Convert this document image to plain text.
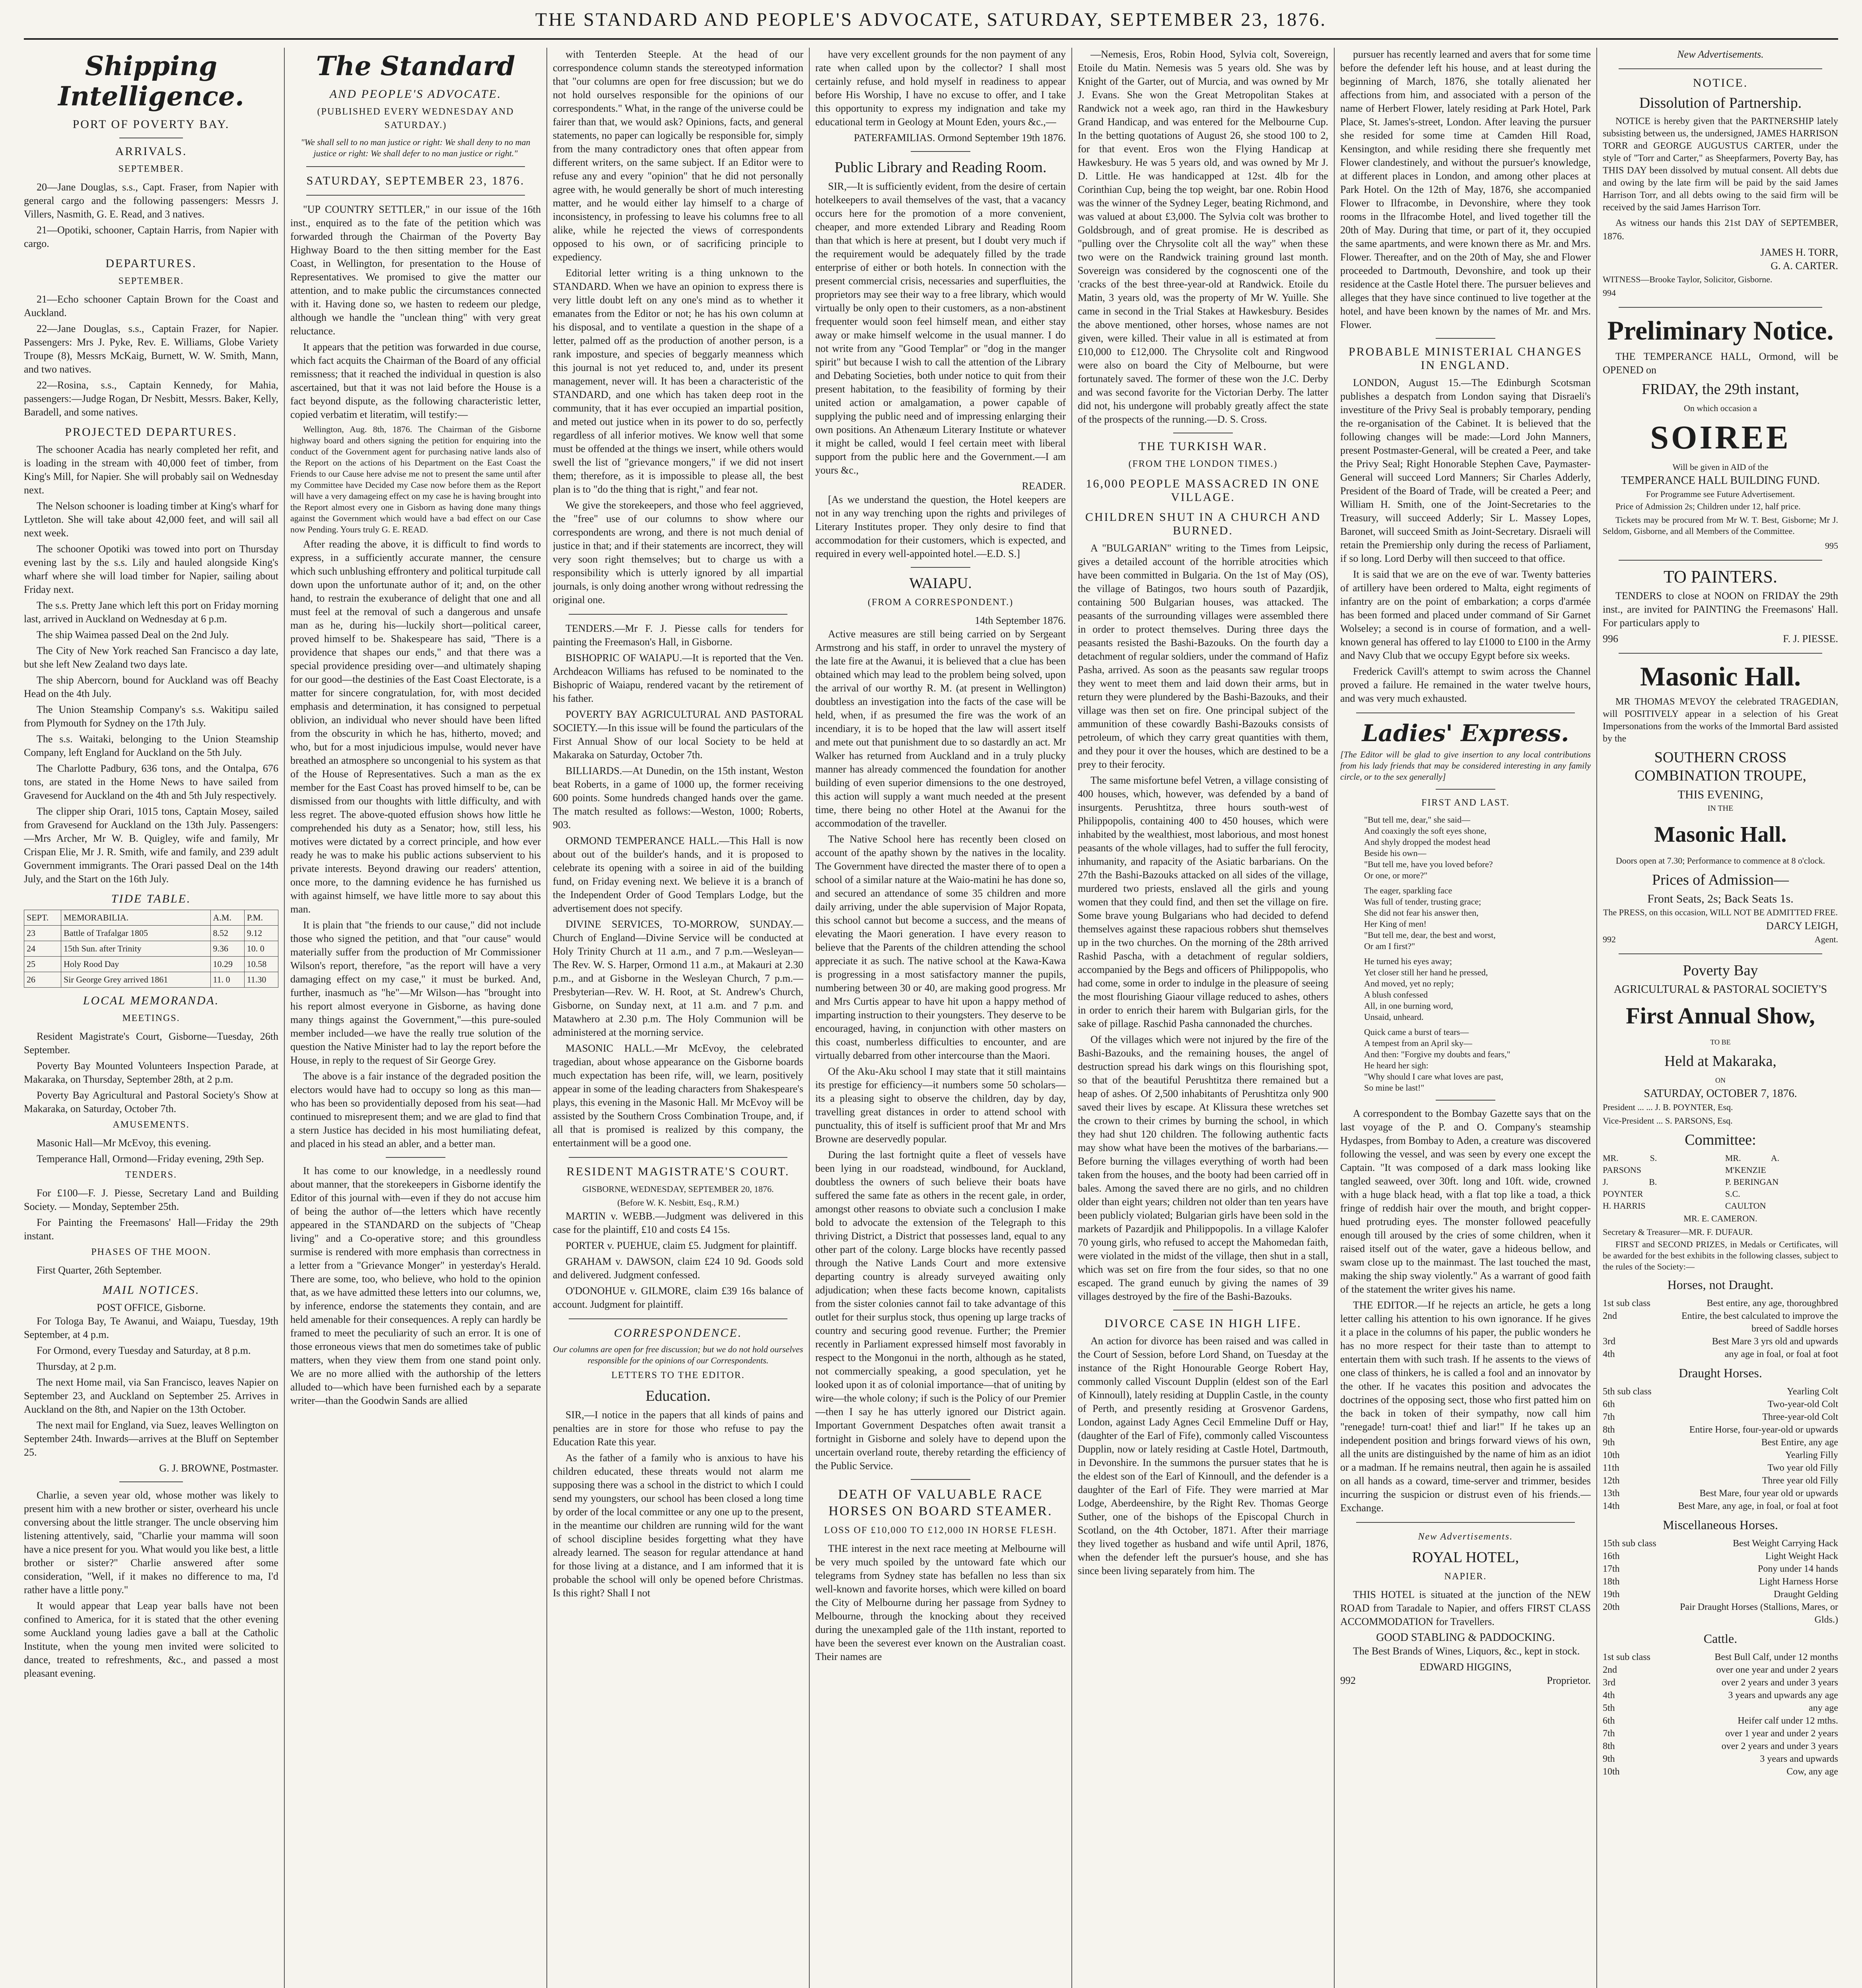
THE STANDARD AND PEOPLE'S ADVOCATE, SATURDAY, SEPTEMBER 23, 1876.
Shipping Intelligence.
PORT OF POVERTY BAY.
ARRIVALS.
SEPTEMBER.
20—Jane Douglas, s.s., Capt. Fraser, from Napier with general cargo and the following passengers: Messrs J. Villers, Nasmith, G. E. Read, and 3 natives.
21—Opotiki, schooner, Captain Harris, from Napier with cargo.
DEPARTURES.
SEPTEMBER.
21—Echo schooner Captain Brown for the Coast and Auckland.
22—Jane Douglas, s.s., Captain Frazer, for Napier. Passengers: Mrs J. Pyke, Rev. E. Williams, Globe Variety Troupe (8), Messrs McKaig, Burnett, W. W. Smith, Mann, and two natives.
22—Rosina, s.s., Captain Kennedy, for Mahia, passengers:—Judge Rogan, Dr Nesbitt, Messrs. Baker, Kelly, Baradell, and some natives.
PROJECTED DEPARTURES.
The schooner Acadia has nearly completed her refit, and is loading in the stream with 40,000 feet of timber, from King's Mill, for Napier. She will probably sail on Wednesday next.
The Nelson schooner is loading timber at King's wharf for Lyttleton. She will take about 42,000 feet, and will sail all next week.
The schooner Opotiki was towed into port on Thursday evening last by the s.s. Lily and hauled alongside King's wharf where she will load timber for Napier, sailing about Friday next.
The s.s. Pretty Jane which left this port on Friday morning last, arrived in Auckland on Wednesday at 6 p.m.
The ship Waimea passed Deal on the 2nd July.
The City of New York reached San Francisco a day late, but she left New Zealand two days late.
The ship Abercorn, bound for Auckland was off Beachy Head on the 4th July.
The Union Steamship Company's s.s. Wakitipu sailed from Plymouth for Sydney on the 17th July.
The s.s. Waitaki, belonging to the Union Steamship Company, left England for Auckland on the 5th July.
The Charlotte Padbury, 636 tons, and the Ontalpa, 676 tons, are stated in the Home News to have sailed from Gravesend for Auckland on the 4th and 5th July respectively.
The clipper ship Orari, 1015 tons, Captain Mosey, sailed from Gravesend for Auckland on the 13th July. Passengers:—Mrs Archer, Mr W. B. Quigley, wife and family, Mr Crispan Elie, Mr J. R. Smith, wife and family, and 239 adult Government immigrants. The Orari passed Deal on the 14th July, and the Start on the 16th July.
TIDE TABLE.
SEPT.	MEMORABILIA.	A.M.	P.M.
23	Battle of Trafalgar 1805	8.52	9.12
24	15th Sun. after Trinity	9.36	10. 0
25	Holy Rood Day	10.29	10.58
26	Sir George Grey arrived 1861	11. 0	11.30
LOCAL MEMORANDA.
MEETINGS.
Resident Magistrate's Court, Gisborne—Tuesday, 26th September.
Poverty Bay Mounted Volunteers Inspection Parade, at Makaraka, on Thursday, September 28th, at 2 p.m.
Poverty Bay Agricultural and Pastoral Society's Show at Makaraka, on Saturday, October 7th.
AMUSEMENTS.
Masonic Hall—Mr McEvoy, this evening.
Temperance Hall, Ormond—Friday evening, 29th Sep.
TENDERS.
For £100—F. J. Piesse, Secretary Land and Building Society. — Monday, September 25th.
For Painting the Freemasons' Hall—Friday the 29th instant.
PHASES OF THE MOON.
First Quarter, 26th September.
MAIL NOTICES.
POST OFFICE, Gisborne.
For Tologa Bay, Te Awanui, and Waiapu, Tuesday, 19th September, at 4 p.m.
For Ormond, every Tuesday and Saturday, at 8 p.m.
Thursday, at 2 p.m.
The next Home mail, via San Francisco, leaves Napier on September 23, and Auckland on September 25. Arrives in Auckland on the 8th, and Napier on the 13th October.
The next mail for England, via Suez, leaves Wellington on September 24th. Inwards—arrives at the Bluff on September 25.
G. J. BROWNE, Postmaster.
Charlie, a seven year old, whose mother was likely to present him with a new brother or sister, overheard his uncle conversing about the little stranger. The uncle observing him listening attentively, said, "Charlie your mamma will soon have a nice present for you. What would you like best, a little brother or sister?" Charlie answered after some consideration, "Well, if it makes no difference to ma, I'd rather have a little pony."
It would appear that Leap year balls have not been confined to America, for it is stated that the other evening some Auckland young ladies gave a ball at the Catholic Institute, when the young men invited were solicited to dance, treated to refreshments, &c., and passed a most pleasant evening.
The Standard
AND PEOPLE'S ADVOCATE.
(PUBLISHED EVERY WEDNESDAY AND SATURDAY.)
"We shall sell to no man justice or right: We shall deny to no man justice or right: We shall defer to no man justice or right."
SATURDAY, SEPTEMBER 23, 1876.
"UP COUNTRY SETTLER," in our issue of the 16th inst., enquired as to the fate of the petition which was forwarded through the Chairman of the Poverty Bay Highway Board to the then sitting member for the East Coast, in Wellington, for presentation to the House of Representatives. We promised to give the matter our attention, and to make public the circumstances connected with it. Having done so, we hasten to redeem our pledge, although we handle the "unclean thing" with very great reluctance.
It appears that the petition was forwarded in due course, which fact acquits the Chairman of the Board of any official remissness; that it reached the individual in question is also ascertained, but that it was not laid before the House is a fact beyond dispute, as the following characteristic letter, copied verbatim et literatim, will testify:—
Wellington, Aug. 8th, 1876. The Chairman of the Gisborne highway board and others signing the petition for enquiring into the conduct of the Government agent for purchasing native lands also of the Report on the actions of his Department on the East Coast the Friends to our Cause here advise me not to present the same until after my Committee have Decided my Case now before them as the Report will have a very damageing effect on my case he is having brought into the Report almost every one in Gisborn as having done many things against the Government which would have a bad effect on our Case now Pending. Yours truly G. E. READ.
After reading the above, it is difficult to find words to express, in a sufficiently accurate manner, the censure which such unblushing effrontery and political turpitude call down upon the unfortunate author of it; and, on the other hand, to restrain the exuberance of delight that one and all must feel at the removal of such a dangerous and unsafe man as he, during his—luckily short—political career, proved himself to be. Shakespeare has said, "There is a providence that shapes our ends," and that there was a special providence presiding over—and ultimately shaping for our good—the destinies of the East Coast Electorate, is a matter for sincere congratulation, for, with most decided emphasis and determination, it has consigned to perpetual oblivion, an individual who never should have been lifted from the obscurity in which he has, hitherto, moved; and who, but for a most injudicious impulse, would never have breathed an atmosphere so uncongenial to his system as that of the House of Representatives. Such a man as the ex member for the East Coast has proved himself to be, can be dismissed from our thoughts with little difficulty, and with less regret. The above-quoted effusion shows how little he comprehended his duty as a Senator; how, still less, his motives were dictated by a correct principle, and how ever ready he was to make his public actions subservient to his private interests. Beyond drawing our readers' attention, once more, to the damning evidence he has furnished us with against himself, we have little more to say about this man.
It is plain that "the friends to our cause," did not include those who signed the petition, and that "our cause" would materially suffer from the production of Mr Commissioner Wilson's report, therefore, "as the report will have a very damaging effect on my case," it must be burked. And, further, inasmuch as "he"—Mr Wilson—has "brought into his report almost everyone in Gisborne, as having done many things against the Government,"—this pure-souled member included—we have the really true solution of the question the Native Minister had to lay the report before the House, in reply to the request of Sir George Grey.
The above is a fair instance of the degraded position the electors would have had to occupy so long as this man—who has been so providentially deposed from his seat—had continued to misrepresent them; and we are glad to find that a stern Justice has decided in his most humiliating defeat, and placed in his stead an abler, and a better man.
It has come to our knowledge, in a needlessly round about manner, that the storekeepers in Gisborne identify the Editor of this journal with—even if they do not accuse him of being the author of—the letters which have recently appeared in the STANDARD on the subjects of "Cheap living" and a Co-operative store; and this groundless surmise is rendered with more emphasis than correctness in a letter from a "Grievance Monger" in yesterday's Herald. There are some, too, who believe, who hold to the opinion that, as we have admitted these letters into our columns, we, by inference, endorse the statements they contain, and are held amenable for their consequences. A reply can hardly be framed to meet the peculiarity of such an error. It is one of those erroneous views that men do sometimes take of public matters, when they view them from one stand point only. We are no more allied with the authorship of the letters alluded to—which have been furnished each by a separate writer—than the Goodwin Sands are allied
with Tenterden Steeple. At the head of our correspondence column stands the stereotyped information that "our columns are open for free discussion; but we do not hold ourselves responsible for the opinions of our correspondents." What, in the range of the universe could be fairer than that, we would ask? Opinions, facts, and general statements, no paper can logically be responsible for, simply from the many contradictory ones that often appear from different writers, on the same subject. If an Editor were to refuse any and every "opinion" that he did not personally agree with, he would generally be short of much interesting matter, and he would either lay himself to a charge of inconsistency, in professing to leave his columns free to all alike, while he rejected the views of correspondents opposed to his own, or of sacrificing principle to expediency.
Editorial letter writing is a thing unknown to the STANDARD. When we have an opinion to express there is very little doubt left on any one's mind as to whether it emanates from the Editor or not; he has his own column at his disposal, and to ventilate a question in the shape of a letter, palmed off as the production of another person, is a rank imposture, and species of beggarly meanness which this journal is not yet reduced to, and, under its present management, never will. It has been a characteristic of the STANDARD, and one which has taken deep root in the community, that it has ever occupied an impartial position, and meted out justice when in its power to do so, perfectly regardless of all inferior motives. We know well that some must be offended at the things we insert, while others would swell the list of "grievance mongers," if we did not insert them; therefore, as it is impossible to please all, the best plan is to "do the thing that is right," and fear not.
We give the storekeepers, and those who feel aggrieved, the "free" use of our columns to show where our correspondents are wrong, and there is not much denial of justice in that; and if their statements are incorrect, they will very soon right themselves; but to charge us with a responsibility which is utterly ignored by all impartial journals, is only doing another wrong without redressing the original one.
TENDERS.—Mr F. J. Piesse calls for tenders for painting the Freemason's Hall, in Gisborne.
BISHOPRIC OF WAIAPU.—It is reported that the Ven. Archdeacon Williams has refused to be nominated to the Bishopric of Waiapu, rendered vacant by the retirement of his father.
POVERTY BAY AGRICULTURAL AND PASTORAL SOCIETY.—In this issue will be found the particulars of the First Annual Show of our local Society to be held at Makaraka on Saturday, October 7th.
BILLIARDS.—At Dunedin, on the 15th instant, Weston beat Roberts, in a game of 1000 up, the former receiving 600 points. Some hundreds changed hands over the game. The match resulted as follows:—Weston, 1000; Roberts, 903.
ORMOND TEMPERANCE HALL.—This Hall is now about out of the builder's hands, and it is proposed to celebrate its opening with a soiree in aid of the building fund, on Friday evening next. We believe it is a branch of the Independent Order of Good Templars Lodge, but the advertisement does not specify.
DIVINE SERVICES, TO-MORROW, SUNDAY.—Church of England—Divine Service will be conducted at Holy Trinity Church at 11 a.m., and 7 p.m.—Wesleyan—The Rev. W. S. Harper, Ormond 11 a.m., at Makauri at 2.30 p.m., and at Gisborne in the Wesleyan Church, 7 p.m.—Presbyterian—Rev. W. H. Root, at St. Andrew's Church, Gisborne, on Sunday next, at 11 a.m. and 7 p.m. and Matawhero at 2.30 p.m. The Holy Communion will be administered at the morning service.
MASONIC HALL.—Mr McEvoy, the celebrated tragedian, about whose appearance on the Gisborne boards much expectation has been rife, will, we learn, positively appear in some of the leading characters from Shakespeare's plays, this evening in the Masonic Hall. Mr McEvoy will be assisted by the Southern Cross Combination Troupe, and, if all that is promised is realized by this company, the entertainment will be a good one.
RESIDENT MAGISTRATE'S COURT.
GISBORNE, WEDNESDAY, SEPTEMBER 20, 1876.
(Before W. K. Nesbitt, Esq., R.M.)
MARTIN v. WEBB.—Judgment was delivered in this case for the plaintiff, £10 and costs £4 15s.
PORTER v. PUEHUE, claim £5. Judgment for plaintiff.
GRAHAM v. DAWSON, claim £24 10 9d. Goods sold and delivered. Judgment confessed.
O'DONOHUE v. GILMORE, claim £39 16s balance of account. Judgment for plaintiff.
CORRESPONDENCE.
Our columns are open for free discussion; but we do not hold ourselves responsible for the opinions of our Correspondents.
LETTERS TO THE EDITOR.
Education.
SIR,—I notice in the papers that all kinds of pains and penalties are in store for those who refuse to pay the Education Rate this year.
As the father of a family who is anxious to have his children educated, these threats would not alarm me supposing there was a school in the district to which I could send my youngsters, our school has been closed a long time by order of the local committee or any one up to the present, in the meantime our children are running wild for the want of school discipline besides forgetting what they have already learned. The season for regular attendance at hand for those living at a distance, and I am informed that it is probable the school will only be opened before Christmas. Is this right? Shall I not
have very excellent grounds for the non payment of any rate when called upon by the collector? I shall most certainly refuse, and hold myself in readiness to appear before His Worship, I have no excuse to offer, and I take this opportunity to express my indignation and take my educational term in Geology at Mount Eden, yours &c.,—
PATERFAMILIAS. Ormond September 19th 1876.
Public Library and Reading Room.
SIR,—It is sufficiently evident, from the desire of certain hotelkeepers to avail themselves of the vast, that a vacancy occurs here for the promotion of a more convenient, cheaper, and more extended Library and Reading Room than that which is here at present, but I doubt very much if the requirement would be adequately filled by the trade enterprise of either or both hotels. In connection with the present commercial crisis, necessaries and superfluities, the proprietors may see their way to a free library, which would virtually be only open to their customers, as a non-abstinent frequenter would soon feel himself mean, and either stay away or make himself welcome in the usual manner. I do not write from any "Good Templar" or "dog in the manger spirit" but because I wish to call the attention of the Library and Debating Societies, both under notice to quit from their present habitation, to the feasibility of forming by their united action or amalgamation, a power capable of supplying the public need and of impressing enlarging their own positions. An Athenæum Literary Institute or whatever it might be called, would I feel certain meet with liberal support from the public here and the Government.—I am yours &c.,
READER.
[As we understand the question, the Hotel keepers are not in any way trenching upon the rights and privileges of Literary Institutes proper. They only desire to find that accommodation for their customers, which is expected, and required in every well-appointed hotel.—E.D. S.]
WAIAPU.
(FROM A CORRESPONDENT.)
14th September 1876.
Active measures are still being carried on by Sergeant Armstrong and his staff, in order to unravel the mystery of the late fire at the Awanui, it is believed that a clue has been obtained which may lead to the problem being solved, upon the arrival of our worthy R. M. (at present in Wellington) doubtless an investigation into the facts of the case will be held, when, if as presumed the fire was the work of an incendiary, it is to be hoped that the law will assert itself and mete out that punishment due to so dastardly an act. Mr Walker has returned from Auckland and in a truly plucky manner has already commenced the foundation for another building of even superior dimensions to the one destroyed, this action will supply a want much needed at the present time, there being no other Hotel at the Awanui for the accommodation of the traveller.
The Native School here has recently been closed on account of the apathy shown by the natives in the locality. The Government have directed the master there of to open a school of a similar nature at the Waio-matini he has done so, and secured an attendance of some 35 children and more daily arriving, under the able supervision of Major Ropata, this school cannot but become a success, and the means of elevating the Maori generation. I have every reason to believe that the Parents of the children attending the school appreciate it as such. The native school at the Kawa-Kawa is progressing in a most satisfactory manner the pupils, numbering between 30 or 40, are making good progress. Mr and Mrs Curtis appear to have hit upon a happy method of imparting instruction to their youngsters. They deserve to be encouraged, having, in conjunction with other masters on this coast, numberless difficulties to encounter, and are virtually debarred from other intercourse than the Maori.
Of the Aku-Aku school I may state that it still maintains its prestige for efficiency—it numbers some 50 scholars—its a pleasing sight to observe the children, day by day, travelling great distances in order to attend school with punctuality, this of itself is sufficient proof that Mr and Mrs Browne are deservedly popular.
During the last fortnight quite a fleet of vessels have been lying in our roadstead, windbound, for Auckland, doubtless the owners of such believe their boats have suffered the same fate as others in the recent gale, in order, amongst other reasons to obviate such a conclusion I make bold to advocate the extension of the Telegraph to this thriving District, a District that possesses land, equal to any other part of the colony. Large blocks have recently passed through the Native Lands Court and more extensive departing country is already surveyed awaiting only adjudication; when these facts become known, capitalists from the sister colonies cannot fail to take advantage of this outlet for their surplus stock, thus opening up large tracks of country and securing good revenue. Further; the Premier recently in Parliament expressed himself most favorably in respect to the Mongonui in the north, although as he stated, not commercially speaking, a good speculation, yet he looked upon it as of colonial importance—that of uniting by wire—the whole colony; if such is the Policy of our Premier—then I say he has utterly ignored our District again. Important Government Despatches often await transit a fortnight in Gisborne and solely have to depend upon the uncertain overland route, thereby retarding the efficiency of the Public Service.
DEATH OF VALUABLE RACE HORSES ON BOARD STEAMER.
LOSS OF £10,000 TO £12,000 IN HORSE FLESH.
THE interest in the next race meeting at Melbourne will be very much spoiled by the untoward fate which our telegrams from Sydney state has befallen no less than six well-known and favorite horses, which were killed on board the City of Melbourne during her passage from Sydney to Melbourne, through the knocking about they received during the unexampled gale of the 11th instant, reported to have been the severest ever known on the Australian coast. Their names are
—Nemesis, Eros, Robin Hood, Sylvia colt, Sovereign, Etoile du Matin. Nemesis was 5 years old. She was by Knight of the Garter, out of Murcia, and was owned by Mr J. Evans. She won the Great Metropolitan Stakes at Randwick not a week ago, ran third in the Hawkesbury Grand Handicap, and was entered for the Melbourne Cup. In the betting quotations of August 26, she stood 100 to 2, for that event. Eros won the Flying Handicap at Hawkesbury. He was 5 years old, and was owned by Mr J. D. Little. He was handicapped at 12st. 4lb for the Corinthian Cup, being the top weight, bar one. Robin Hood was the winner of the Sydney Leger, beating Richmond, and was valued at about £3,000. The Sylvia colt was brother to Goldsbrough, and of great promise. He is described as "pulling over the Chrysolite colt all the way" when these two were on the Randwick training ground last month. Sovereign was considered by the cognoscenti one of the 'cracks of the best three-year-old at Randwick. Etoile du Matin, 3 years old, was the property of Mr W. Yuille. She came in second in the Trial Stakes at Hawkesbury. Besides the above mentioned, other horses, whose names are not given, were killed. Their value in all is estimated at from £10,000 to £12,000. The Chrysolite colt and Ringwood were also on board the City of Melbourne, but were fortunately saved. The former of these won the J.C. Derby and was second favorite for the Victorian Derby. The latter did not, his undergone will probably greatly affect the state of the prospects of the running.—D. S. Cross.
THE TURKISH WAR.
(FROM THE LONDON TIMES.)
16,000 PEOPLE MASSACRED IN ONE VILLAGE.
CHILDREN SHUT IN A CHURCH AND BURNED.
A "BULGARIAN" writing to the Times from Leipsic, gives a detailed account of the horrible atrocities which have been committed in Bulgaria. On the 1st of May (OS), the village of Batingos, two hours south of Pazardjik, containing 500 Bulgarian houses, was attacked. The peasants of the surrounding villages were assembled there in order to protect themselves. During three days the peasants resisted the Bashi-Bazouks. On the fourth day a detachment of regular soldiers, under the command of Hafiz Pasha, arrived. As soon as the peasants saw regular troops they went to meet them and laid down their arms, but in return they were plundered by the Bashi-Bazouks, and their village was then set on fire. One principal subject of the ammunition of these cowardly Bashi-Bazouks consists of petroleum, of which they carry great quantities with them, and they pour it over the houses, which are destined to be a prey to their ferocity.
The same misfortune befel Vetren, a village consisting of 400 houses, which, however, was defended by a band of insurgents. Perushtitza, three hours south-west of Philippopolis, containing 400 to 450 houses, which were inhabited by the wealthiest, most laborious, and most honest peasants of the whole villages, had to suffer the full ferocity, inhumanity, and rapacity of the Asiatic barbarians. On the 27th the Bashi-Bazouks attacked on all sides of the village, murdered two priests, enslaved all the girls and young women that they could find, and then set the village on fire. Some brave young Bulgarians who had decided to defend themselves against these rapacious robbers shut themselves up in the two churches. On the morning of the 28th arrived Rashid Pascha, with a detachment of regular soldiers, accompanied by the Begs and officers of Philippopolis, who had come, some in order to indulge in the pleasure of seeing the most flourishing Giaour village reduced to ashes, others in order to enrich their harem with Bulgarian girls, for the sake of pillage. Raschid Pasha cannonaded the churches.
Of the villages which were not injured by the fire of the Bashi-Bazouks, and the remaining houses, the angel of destruction spread his dark wings on this flourishing spot, so that of the beautiful Perushtitza there remained but a heap of ashes. Of 2,500 inhabitants of Perushtitza only 900 saved their lives by escape. At Klissura these wretches set the crown to their crimes by burning the school, in which they had shut 120 children. The following authentic facts may show what have been the motives of the barbarians.—Before burning the villages everything of worth had been taken from the houses, and the booty had been carried off in bales. Among the saved there are no girls, and no children older than eight years; children not older than ten years have been publicly violated; Bulgarian girls have been sold in the markets of Pazardjik and Philippopolis. In a village Kalofer 70 young girls, who refused to accept the Mahomedan faith, were violated in the midst of the village, then shut in a stall, which was set on fire from the four sides, so that no one escaped. The grand eunuch by giving the names of 39 villages destroyed by the fire of the Bashi-Bazouks.
DIVORCE CASE IN HIGH LIFE.
An action for divorce has been raised and was called in the Court of Session, before Lord Shand, on Tuesday at the instance of the Right Honourable George Robert Hay, commonly called Viscount Dupplin (eldest son of the Earl of Kinnoull), lately residing at Dupplin Castle, in the county of Perth, and presently residing at Grosvenor Gardens, London, against Lady Agnes Cecil Emmeline Duff or Hay, (daughter of the Earl of Fife), commonly called Viscountess Dupplin, now or lately residing at Castle Hotel, Dartmouth, in Devonshire. In the summons the pursuer states that he is the eldest son of the Earl of Kinnoull, and the defender is a daughter of the Earl of Fife. They were married at Mar Lodge, Aberdeenshire, by the Right Rev. Thomas George Suther, one of the bishops of the Episcopal Church in Scotland, on the 4th October, 1871. After their marriage they lived together as husband and wife until April, 1876, when the defender left the pursuer's house, and she has since been living separately from him. The
pursuer has recently learned and avers that for some time before the defender left his house, and at least during the beginning of March, 1876, she totally alienated her affections from him, and associated with a person of the name of Herbert Flower, lately residing at Park Hotel, Park Place, St. James's-street, London. After leaving the pursuer she resided for some time at Camden Hill Road, Kensington, and while residing there she frequently met Flower clandestinely, and without the pursuer's knowledge, at different places in London, and among other places at Park Hotel. On the 12th of May, 1876, she accompanied Flower to Ilfracombe, in Devonshire, where they took rooms in the Ilfracombe Hotel, and lived together till the 20th of May. During that time, or part of it, they occupied the same apartments, and were known there as Mr. and Mrs. Flower. Thereafter, and on the 20th of May, she and Flower proceeded to Dartmouth, Devonshire, and took up their residence at the Castle Hotel there. The pursuer believes and alleges that they have since continued to live together at the hotel, and have been known by the names of Mr. and Mrs. Flower.
PROBABLE MINISTERIAL CHANGES IN ENGLAND.
LONDON, August 15.—The Edinburgh Scotsman publishes a despatch from London saying that Disraeli's investiture of the Privy Seal is probably temporary, pending the re-organisation of the Cabinet. It is believed that the following changes will be made:—Lord John Manners, present Postmaster-General, will be created a Peer, and take the Privy Seal; Right Honorable Stephen Cave, Paymaster-General will succeed Lord Manners; Sir Charles Adderly, President of the Board of Trade, will be created a Peer; and William H. Smith, one of the Joint-Secretaries to the Treasury, will succeed Adderly; Sir L. Massey Lopes, Baronet, will succeed Smith as Joint-Secretary. Disraeli will retain the Premiership only during the recess of Parliament, if so long. Lord Derby will then succeed to that office.
It is said that we are on the eve of war. Twenty batteries of artillery have been ordered to Malta, eight regiments of infantry are on the point of embarkation; a corps d'armée has been formed and placed under command of Sir Garnet Wolseley; a second is in course of formation, and a well-known general has offered to lay £1000 to £100 in the Army and Navy Club that we occupy Egypt before six weeks.
Frederick Cavill's attempt to swim across the Channel proved a failure. He remained in the water twelve hours, and was very much exhausted.
Ladies' Express.
[The Editor will be glad to give insertion to any local contributions from his lady friends that may be considered interesting in any family circle, or to the sex generally]
FIRST AND LAST.
"But tell me, dear," she said—
And coaxingly the soft eyes shone,
And shyly dropped the modest head
Beside his own—
"But tell me, have you loved before?
Or one, or more?"
The eager, sparkling face
Was full of tender, trusting grace;
She did not fear his answer then,
Her King of men!
"But tell me, dear, the best and worst,
Or am I first?"
He turned his eyes away;
Yet closer still her hand he pressed,
And moved, yet no reply;
A blush confessed
All, in one burning word,
Unsaid, unheard.
Quick came a burst of tears—
A tempest from an April sky—
And then: "Forgive my doubts and fears,"
He heard her sigh:
"Why should I care what loves are past,
So mine be last!"
A correspondent to the Bombay Gazette says that on the last voyage of the P. and O. Company's steamship Hydaspes, from Bombay to Aden, a creature was discovered following the vessel, and was seen by every one except the Captain. "It was composed of a dark mass looking like tangled seaweed, over 30ft. long and 10ft. wide, crowned with a huge black head, with a flat top like a toad, a thick fringe of reddish hair over the mouth, and bright copper-hued protruding eyes. The monster followed peacefully enough till aroused by the cries of some children, when it raised itself out of the water, gave a hideous bellow, and swam close up to the mainmast. The last touched the mast, making the ship sway violently." As a warrant of good faith of the statement the writer gives his name.
THE EDITOR.—If he rejects an article, he gets a long letter calling his attention to his own ignorance. If he gives it a place in the columns of his paper, the public wonders he has no more respect for their taste than to attempt to entertain them with such trash. If he assents to the views of one class of thinkers, he is called a fool and an innovator by the other. If he vacates this position and advocates the doctrines of the opposing sect, those who first patted him on the back in token of their sympathy, now call him "renegade! turn-coat! thief and liar!" If he takes up an independent position and brings forward views of his own, all the units are distinguished by the name of him as an idiot or a madman. If he remains neutral, then again he is assailed on all hands as a coward, time-server and trimmer, besides incurring the suspicion or distrust even of his friends.—Exchange.
New Advertisements.
ROYAL HOTEL,
NAPIER.
THIS HOTEL is situated at the junction of the NEW ROAD from Taradale to Napier, and offers FIRST CLASS ACCOMMODATION for Travellers.
GOOD STABLING & PADDOCKING.
The Best Brands of Wines, Liquors, &c., kept in stock.
EDWARD HIGGINS,
992	Proprietor.
New Advertisements.
NOTICE.
Dissolution of Partnership.
NOTICE is hereby given that the PARTNERSHIP lately subsisting between us, the undersigned, JAMES HARRISON TORR and GEORGE AUGUSTUS CARTER, under the style of "Torr and Carter," as Sheepfarmers, Poverty Bay, has THIS DAY been dissolved by mutual consent. All debts due and owing by the late firm will be paid by the said James Harrison Torr, and all debts owing to the said firm will be received by the said James Harrison Torr.
As witness our hands this 21st DAY of SEPTEMBER, 1876.
JAMES H. TORR,
G. A. CARTER.
WITNESS—Brooke Taylor, Solicitor, Gisborne.
994
Preliminary Notice.
THE TEMPERANCE HALL, Ormond, will be OPENED on
FRIDAY, the 29th instant,
On which occasion a
SOIREE
Will be given in AID of the
TEMPERANCE HALL BUILDING FUND.
For Programme see Future Advertisement.
Price of Admission 2s; Children under 12, half price.
Tickets may be procured from Mr W. T. Best, Gisborne; Mr J. Seldom, Gisborne, and all Members of the Committee.
995
TO PAINTERS.
TENDERS to close at NOON on FRIDAY the 29th inst., are invited for PAINTING the Freemasons' Hall. For particulars apply to
996	F. J. PIESSE.
Masonic Hall.
MR THOMAS M'EVOY the celebrated TRAGEDIAN, will POSITIVELY appear in a selection of his Great Impersonations from the works of the Immortal Bard assisted by the
SOUTHERN CROSS COMBINATION TROUPE,
THIS EVENING,
IN THE
Masonic Hall.
Doors open at 7.30; Performance to commence at 8 o'clock.
Prices of Admission—
Front Seats, 2s; Back Seats 1s.
The PRESS, on this occasion, WILL NOT BE ADMITTED FREE.
DARCY LEIGH,
992	Agent.
Poverty Bay
AGRICULTURAL & PASTORAL SOCIETY'S
First Annual Show,
TO BE
Held at Makaraka,
ON
SATURDAY, OCTOBER 7, 1876.
President ... ... J. B. POYNTER, Esq.
Vice-President ... S. PARSONS, Esq.
Committee:
MR. S. PARSONS
J. B. POYNTER
H. HARRIS
MR. A. M'KENZIE
P. BERINGAN
S.C. CAULTON
MR. E. CAMERON.
Secretary & Treasurer—MR. F. DUFAUR.
FIRST and SECOND PRIZES, in Medals or Certificates, will be awarded for the best exhibits in the following classes, subject to the rules of the Society:—
Horses, not Draught.
1st sub class	Best entire, any age, thoroughbred
2nd	Entire, the best calculated to improve the breed of Saddle horses
3rd	Best Mare 3 yrs old and upwards
4th	any age in foal, or foal at foot
Draught Horses.
5th sub class	Yearling Colt
6th	Two-year-old Colt
7th	Three-year-old Colt
8th	Entire Horse, four-year-old or upwards
9th	Best Entire, any age
10th	Yearling Filly
11th	Two year old Filly
12th	Three year old Filly
13th	Best Mare, four year old or upwards
14th	Best Mare, any age, in foal, or foal at foot
Miscellaneous Horses.
15th sub class	Best Weight Carrying Hack
16th	Light Weight Hack
17th	Pony under 14 hands
18th	Light Harness Horse
19th	Draught Gelding
20th	Pair Draught Horses (Stallions, Mares, or Glds.)
Cattle.
1st sub class	Best Bull Calf, under 12 months
2nd	over one year and under 2 years
3rd	over 2 years and under 3 years
4th	3 years and upwards any age
5th	any age
6th	Heifer calf under 12 mths.
7th	over 1 year and under 2 years
8th	over 2 years and under 3 years
9th	3 years and upwards
10th	Cow, any age
